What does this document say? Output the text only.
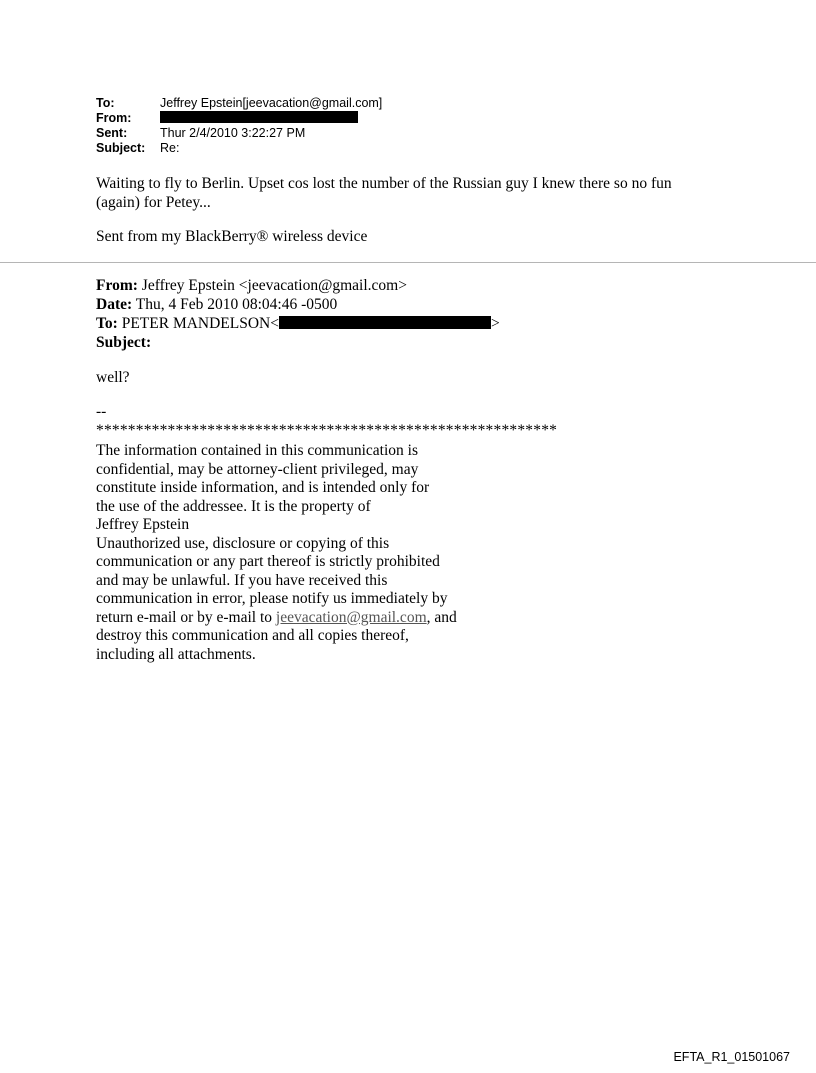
To:	Jeffrey Epstein[jeevacation@gmail.com]
From:
Sent:	Thur 2/4/2010 3:22:27 PM
Subject:	Re:
Waiting to fly to Berlin. Upset cos lost the number of the Russian guy I knew there so no fun
(again) for Petey...
Sent from my BlackBerry® wireless device
From: Jeffrey Epstein <jeevacation@gmail.com>
Date: Thu, 4 Feb 2010 08:04:46 -0500
To: PETER MANDELSON<	>
Subject:
well?
--
**********************************************************
The information contained in this communication is
confidential, may be attorney-client privileged, may
constitute inside information, and is intended only for
the use of the addressee. It is the property of
Jeffrey Epstein
Unauthorized use, disclosure or copying of this
communication or any part thereof is strictly prohibited
and may be unlawful. If you have received this
communication in error, please notify us immediately by
return e-mail or by e-mail to jeevacation@gmail.com, and
destroy this communication and all copies thereof,
including all attachments.
EFTA_R1_01501067
